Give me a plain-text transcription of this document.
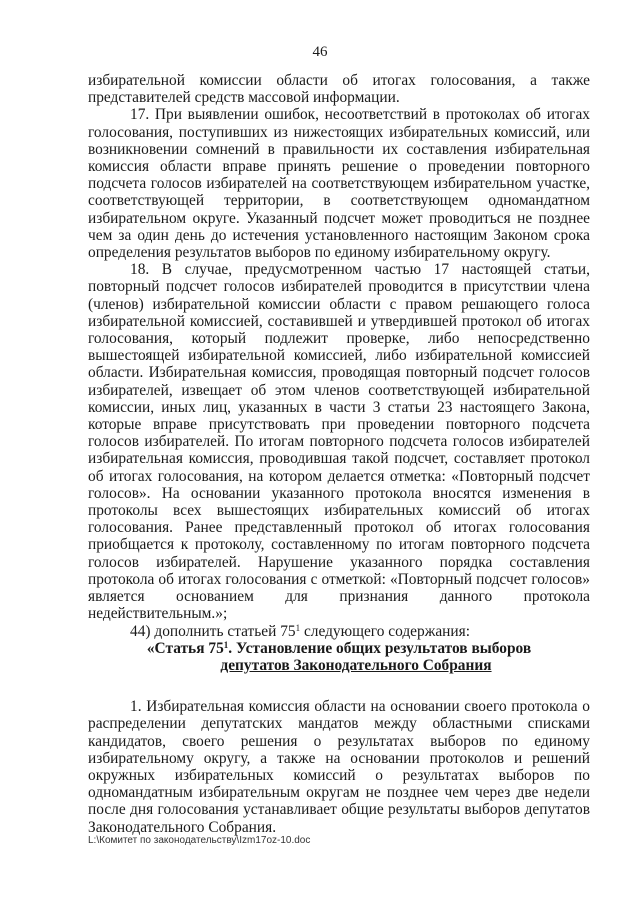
46

избирательной комиссии области об итогах голосования, а также представителей средств массовой информации.

17. При выявлении ошибок, несоответствий в протоколах об итогах голосования, поступивших из нижестоящих избирательных комиссий, или возникновении сомнений в правильности их составления избирательная комиссия области вправе принять решение о проведении повторного подсчета голосов избирателей на соответствующем избирательном участке, соответствующей территории, в соответствующем одномандатном избирательном округе. Указанный подсчет может проводиться не позднее чем за один день до истечения установленного настоящим Законом срока определения результатов выборов по единому избирательному округу.

18. В случае, предусмотренном частью 17 настоящей статьи, повторный подсчет голосов избирателей проводится в присутствии члена (членов) избирательной комиссии области с правом решающего голоса избирательной комиссией, составившей и утвердившей протокол об итогах голосования, который подлежит проверке, либо непосредственно вышестоящей избирательной комиссией, либо избирательной комиссией области. Избирательная комиссия, проводящая повторный подсчет голосов избирателей, извещает об этом членов соответствующей избирательной комиссии, иных лиц, указанных в части 3 статьи 23 настоящего Закона, которые вправе присутствовать при проведении повторного подсчета голосов избирателей. По итогам повторного подсчета голосов избирателей избирательная комиссия, проводившая такой подсчет, составляет протокол об итогах голосования, на котором делается отметка: «Повторный подсчет голосов». На основании указанного протокола вносятся изменения в протоколы всех вышестоящих избирательных комиссий об итогах голосования. Ранее представленный протокол об итогах голосования приобщается к протоколу, составленному по итогам повторного подсчета голосов избирателей. Нарушение указанного порядка составления протокола об итогах голосования с отметкой: «Повторный подсчет голосов» является основанием для признания данного протокола недействительным.»;

44) дополнить статьей $75^1$ следующего содержания:

«Статья $75^1$. Установление общих результатов выборов
депутатов Законодательного Собрания

1. Избирательная комиссия области на основании своего протокола о распределении депутатских мандатов между областными списками кандидатов, своего решения о результатах выборов по единому избирательному округу, а также на основании протоколов и решений окружных избирательных комиссий о результатах выборов по одномандатным избирательным округам не позднее чем через две недели после дня голосования устанавливает общие результаты выборов депутатов Законодательного Собрания.

L:\Комитет по законодательству\Izm17oz-10.doc
